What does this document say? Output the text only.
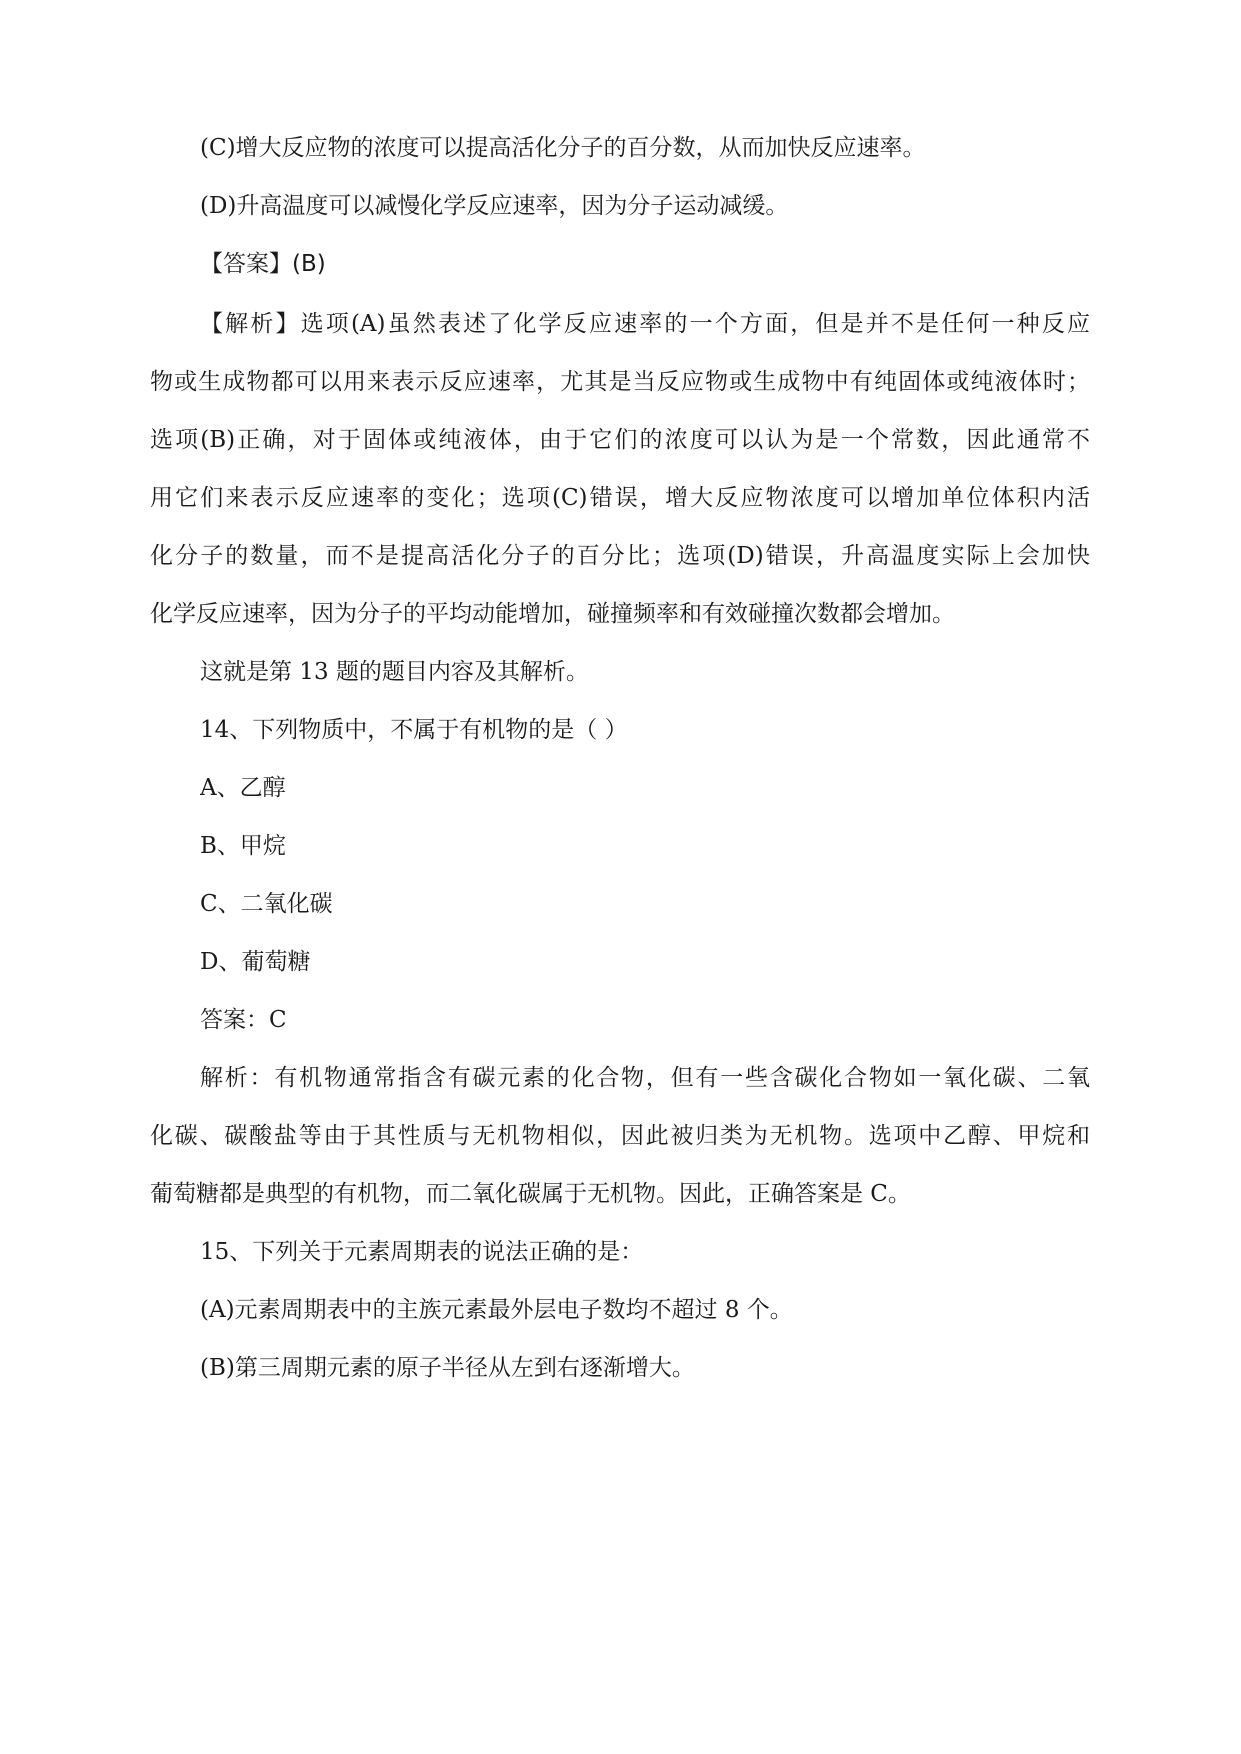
(C)增大反应物的浓度可以提高活化分子的百分数，从而加快反应速率。
(D)升高温度可以减慢化学反应速率，因为分子运动减缓。
【答案】(B)
【解析】选项(A)虽然表述了化学反应速率的一个方面，但是并不是任何一种反应
物或生成物都可以用来表示反应速率，尤其是当反应物或生成物中有纯固体或纯液体时；
选项(B)正确，对于固体或纯液体，由于它们的浓度可以认为是一个常数，因此通常不
用它们来表示反应速率的变化；选项(C)错误，增大反应物浓度可以增加单位体积内活
化分子的数量，而不是提高活化分子的百分比；选项(D)错误，升高温度实际上会加快
化学反应速率，因为分子的平均动能增加，碰撞频率和有效碰撞次数都会增加。
这就是第 13 题的题目内容及其解析。
14、下列物质中，不属于有机物的是（ ）
A、乙醇
B、甲烷
C、二氧化碳
D、葡萄糖
答案：C
解析：有机物通常指含有碳元素的化合物，但有一些含碳化合物如一氧化碳、二氧
化碳、碳酸盐等由于其性质与无机物相似，因此被归类为无机物。选项中乙醇、甲烷和
葡萄糖都是典型的有机物，而二氧化碳属于无机物。因此，正确答案是 C。
15、下列关于元素周期表的说法正确的是：
(A)元素周期表中的主族元素最外层电子数均不超过 8 个。
(B)第三周期元素的原子半径从左到右逐渐增大。
